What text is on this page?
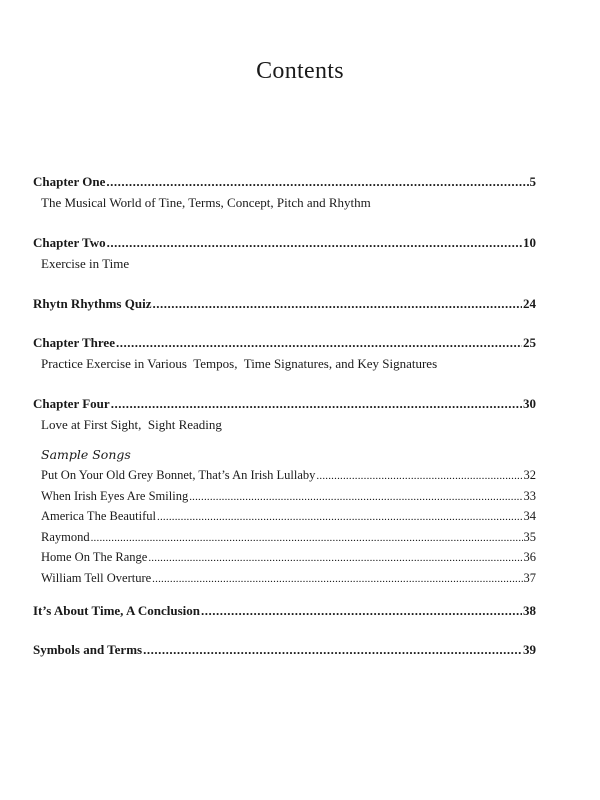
Contents
Chapter One .....	5
The Musical World of Tine, Terms, Concept, Pitch and Rhythm
Chapter Two .....	10
Exercise in Time
Rhytn Rhythms Quiz .....	24
Chapter Three .....	25
Practice Exercise in Various  Tempos,  Time Signatures, and Key Signatures
Chapter Four .....	30
Love at First Sight,  Sight Reading
Sample Songs
Put On Your Old Grey Bonnet, That’s An Irish Lullaby .....	32
When Irish Eyes Are Smiling .....	33
America The Beautiful .....	34
Raymond .....	35
Home On The Range .....	36
William Tell Overture .....	37
It’s About Time, A Conclusion .....	38
Symbols and Terms .....	39
